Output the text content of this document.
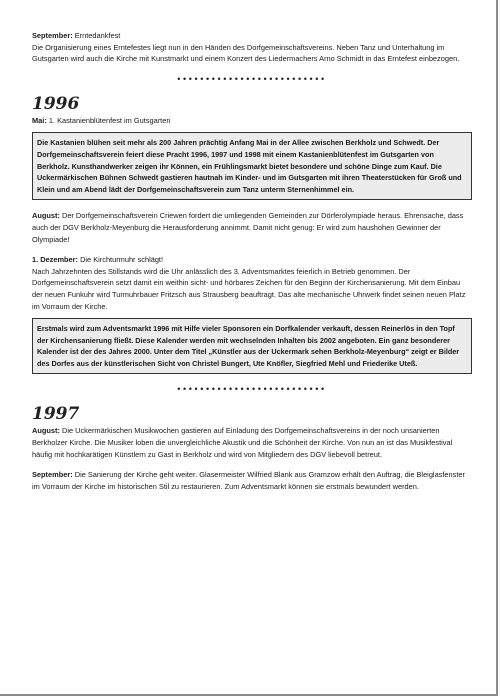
September: Erntedankfest
Die Organisierung eines Erntefestes liegt nun in den Händen des Dorfgemeinschaftsvereins. Neben Tanz und Unterhaltung im Gutsgarten wird auch die Kirche mit Kunstmarkt und einem Konzert des Liedermachers Arno Schmidt in das Erntefest einbezogen.

••••••••••••••••••••••••••
1996

Mai: 1. Kastanienblütenfest im Gutsgarten

Die Kastanien blühen seit mehr als 200 Jahren prächtig Anfang Mai in der Allee zwischen Berkholz und Schwedt. Der Dorfgemeinschaftsverein feiert diese Pracht 1996, 1997 und 1998 mit einem Kastanienblütenfest im Gutsgarten von Berkholz. Kunsthandwerker zeigen ihr Können, ein Frühlingsmarkt bietet besondere und schöne Dinge zum Kauf. Die Uckermärkischen Bühnen Schwedt gastieren hautnah im Kinder- und im Gutsgarten mit ihren Theaterstücken für Groß und Klein und am Abend lädt der Dorfgemeinschaftsverein zum Tanz unterm Sternenhimmel ein.

August: Der Dorfgemeinschaftsverein Criewen fordert die umliegenden Gemeinden zur Dörferolympiade heraus. Ehrensache, dass auch der DGV Berkholz-Meyenburg die Herausforderung annimmt. Damit nicht genug: Er wird zum haushohen Gewinner der Olympiade!

1. Dezember: Die Kirchturmuhr schlägt!
Nach Jahrzehnten des Stillstands wird die Uhr anlässlich des 3. Adventsmarktes feierlich in Betrieb genommen. Der Dorfgemeinschaftsverein setzt damit ein weithin sicht- und hörbares Zeichen für den Beginn der Kirchensanierung. Mit dem Einbau der neuen Funkuhr wird Turmuhrbauer Fritzsch aus Strausberg beauftragt. Das alte mechanische Uhrwerk findet seinen neuen Platz im Vorraum der Kirche.

Erstmals wird zum Adventsmarkt 1996 mit Hilfe vieler Sponsoren ein Dorfkalender verkauft, dessen Reinerlös in den Topf der Kirchensanierung fließt. Diese Kalender werden mit wechselnden Inhalten bis 2002 angeboten. Ein ganz besonderer Kalender ist der des Jahres 2000. Unter dem Titel „Künstler aus der Uckermark sehen Berkholz-Meyenburg“ zeigt er Bilder des Dorfes aus der künstlerischen Sicht von Christel Bungert, Ute Knöfler, Siegfried Mehl und Friederike Uteß.
••••••••••••••••••••••••••
1997

August: Die Uckermärkischen Musikwochen gastieren auf Einladung des Dorfgemeinschaftsvereins in der noch unsanierten Berkholzer Kirche. Die Musiker loben die unvergleichliche Akustik und die Schönheit der Kirche. Von nun an ist das Musikfestival häufig mit hochkarätigen Künstlern zu Gast in Berkholz und wird von Mitgliedern des DGV liebevoll betreut.

September: Die Sanierung der Kirche geht weiter. Glasermeister Wilfried Blank aus Gramzow erhält den Auftrag, die Bleiglasfenster im Vorraum der Kirche im historischen Stil zu restaurieren. Zum Adventsmarkt können sie erstmals bewundert werden.
